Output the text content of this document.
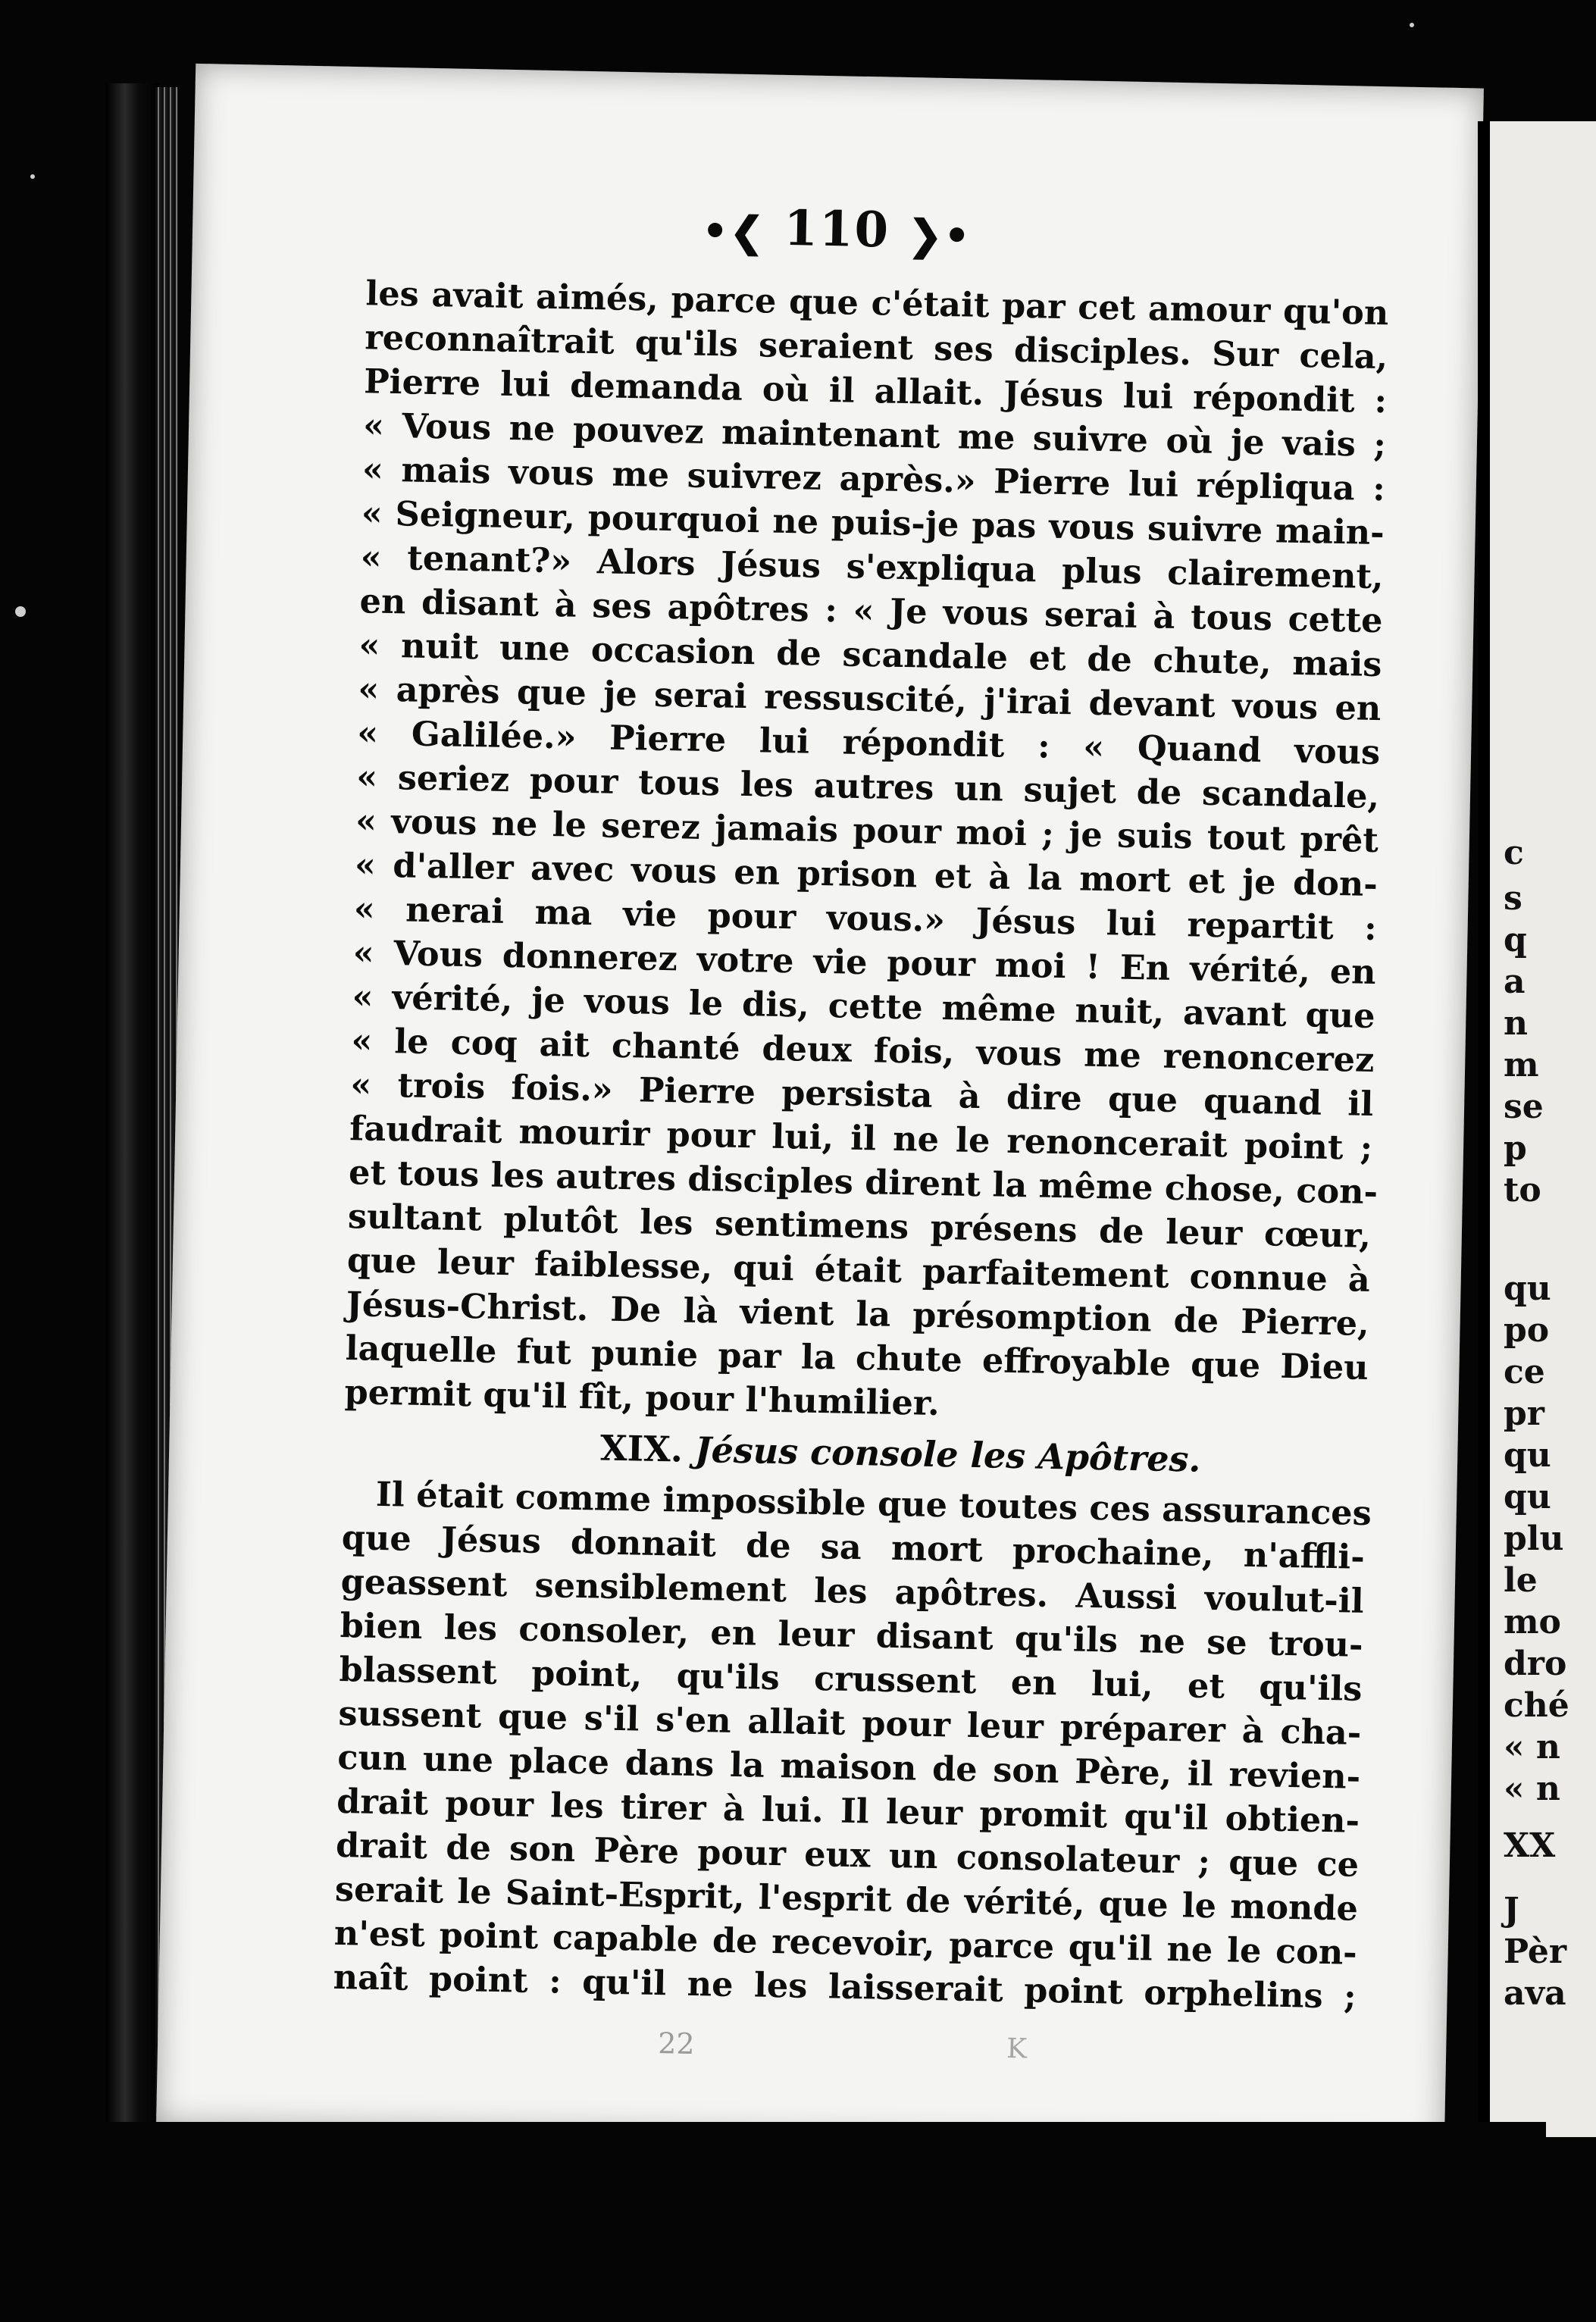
•❮ 110 ❯•
les avait aimés, parce que c'était par cet amour qu'on
reconnaîtrait qu'ils seraient ses disciples. Sur cela,
Pierre lui demanda où il allait. Jésus lui répondit :
« Vous ne pouvez maintenant me suivre où je vais ;
« mais vous me suivrez après.» Pierre lui répliqua :
« Seigneur, pourquoi ne puis-je pas vous suivre main-
« tenant?» Alors Jésus s'expliqua plus clairement,
en disant à ses apôtres : « Je vous serai à tous cette
« nuit une occasion de scandale et de chute, mais
« après que je serai ressuscité, j'irai devant vous en
« Galilée.» Pierre lui répondit : « Quand vous
« seriez pour tous les autres un sujet de scandale,
« vous ne le serez jamais pour moi ; je suis tout prêt
« d'aller avec vous en prison et à la mort et je don-
« nerai ma vie pour vous.» Jésus lui repartit :
« Vous donnerez votre vie pour moi ! En vérité, en
« vérité, je vous le dis, cette même nuit, avant que
« le coq ait chanté deux fois, vous me renoncerez
« trois fois.» Pierre persista à dire que quand il
faudrait mourir pour lui, il ne le renoncerait point ;
et tous les autres disciples dirent la même chose, con-
sultant plutôt les sentimens présens de leur cœur,
que leur faiblesse, qui était parfaitement connue à
Jésus-Christ. De là vient la présomption de Pierre,
laquelle fut punie par la chute effroyable que Dieu
permit qu'il fît, pour l'humilier.
XIX. Jésus console les Apôtres.
Il était comme impossible que toutes ces assurances
que Jésus donnait de sa mort prochaine, n'affli-
geassent sensiblement les apôtres. Aussi voulut-il
bien les consoler, en leur disant qu'ils ne se trou-
blassent point, qu'ils crussent en lui, et qu'ils
sussent que s'il s'en allait pour leur préparer à cha-
cun une place dans la maison de son Père, il revien-
drait pour les tirer à lui. Il leur promit qu'il obtien-
drait de son Père pour eux un consolateur ; que ce
serait le Saint-Esprit, l'esprit de vérité, que le monde
n'est point capable de recevoir, parce qu'il ne le con-
naît point : qu'il ne les laisserait point orphelins ;
22	K
c
s
q
a
n
m
se
p
to
qu
po
ce
pr
qu
qu
plu
le
mo
dro
ché
« n
« n
XX
J
Pèr
ava
